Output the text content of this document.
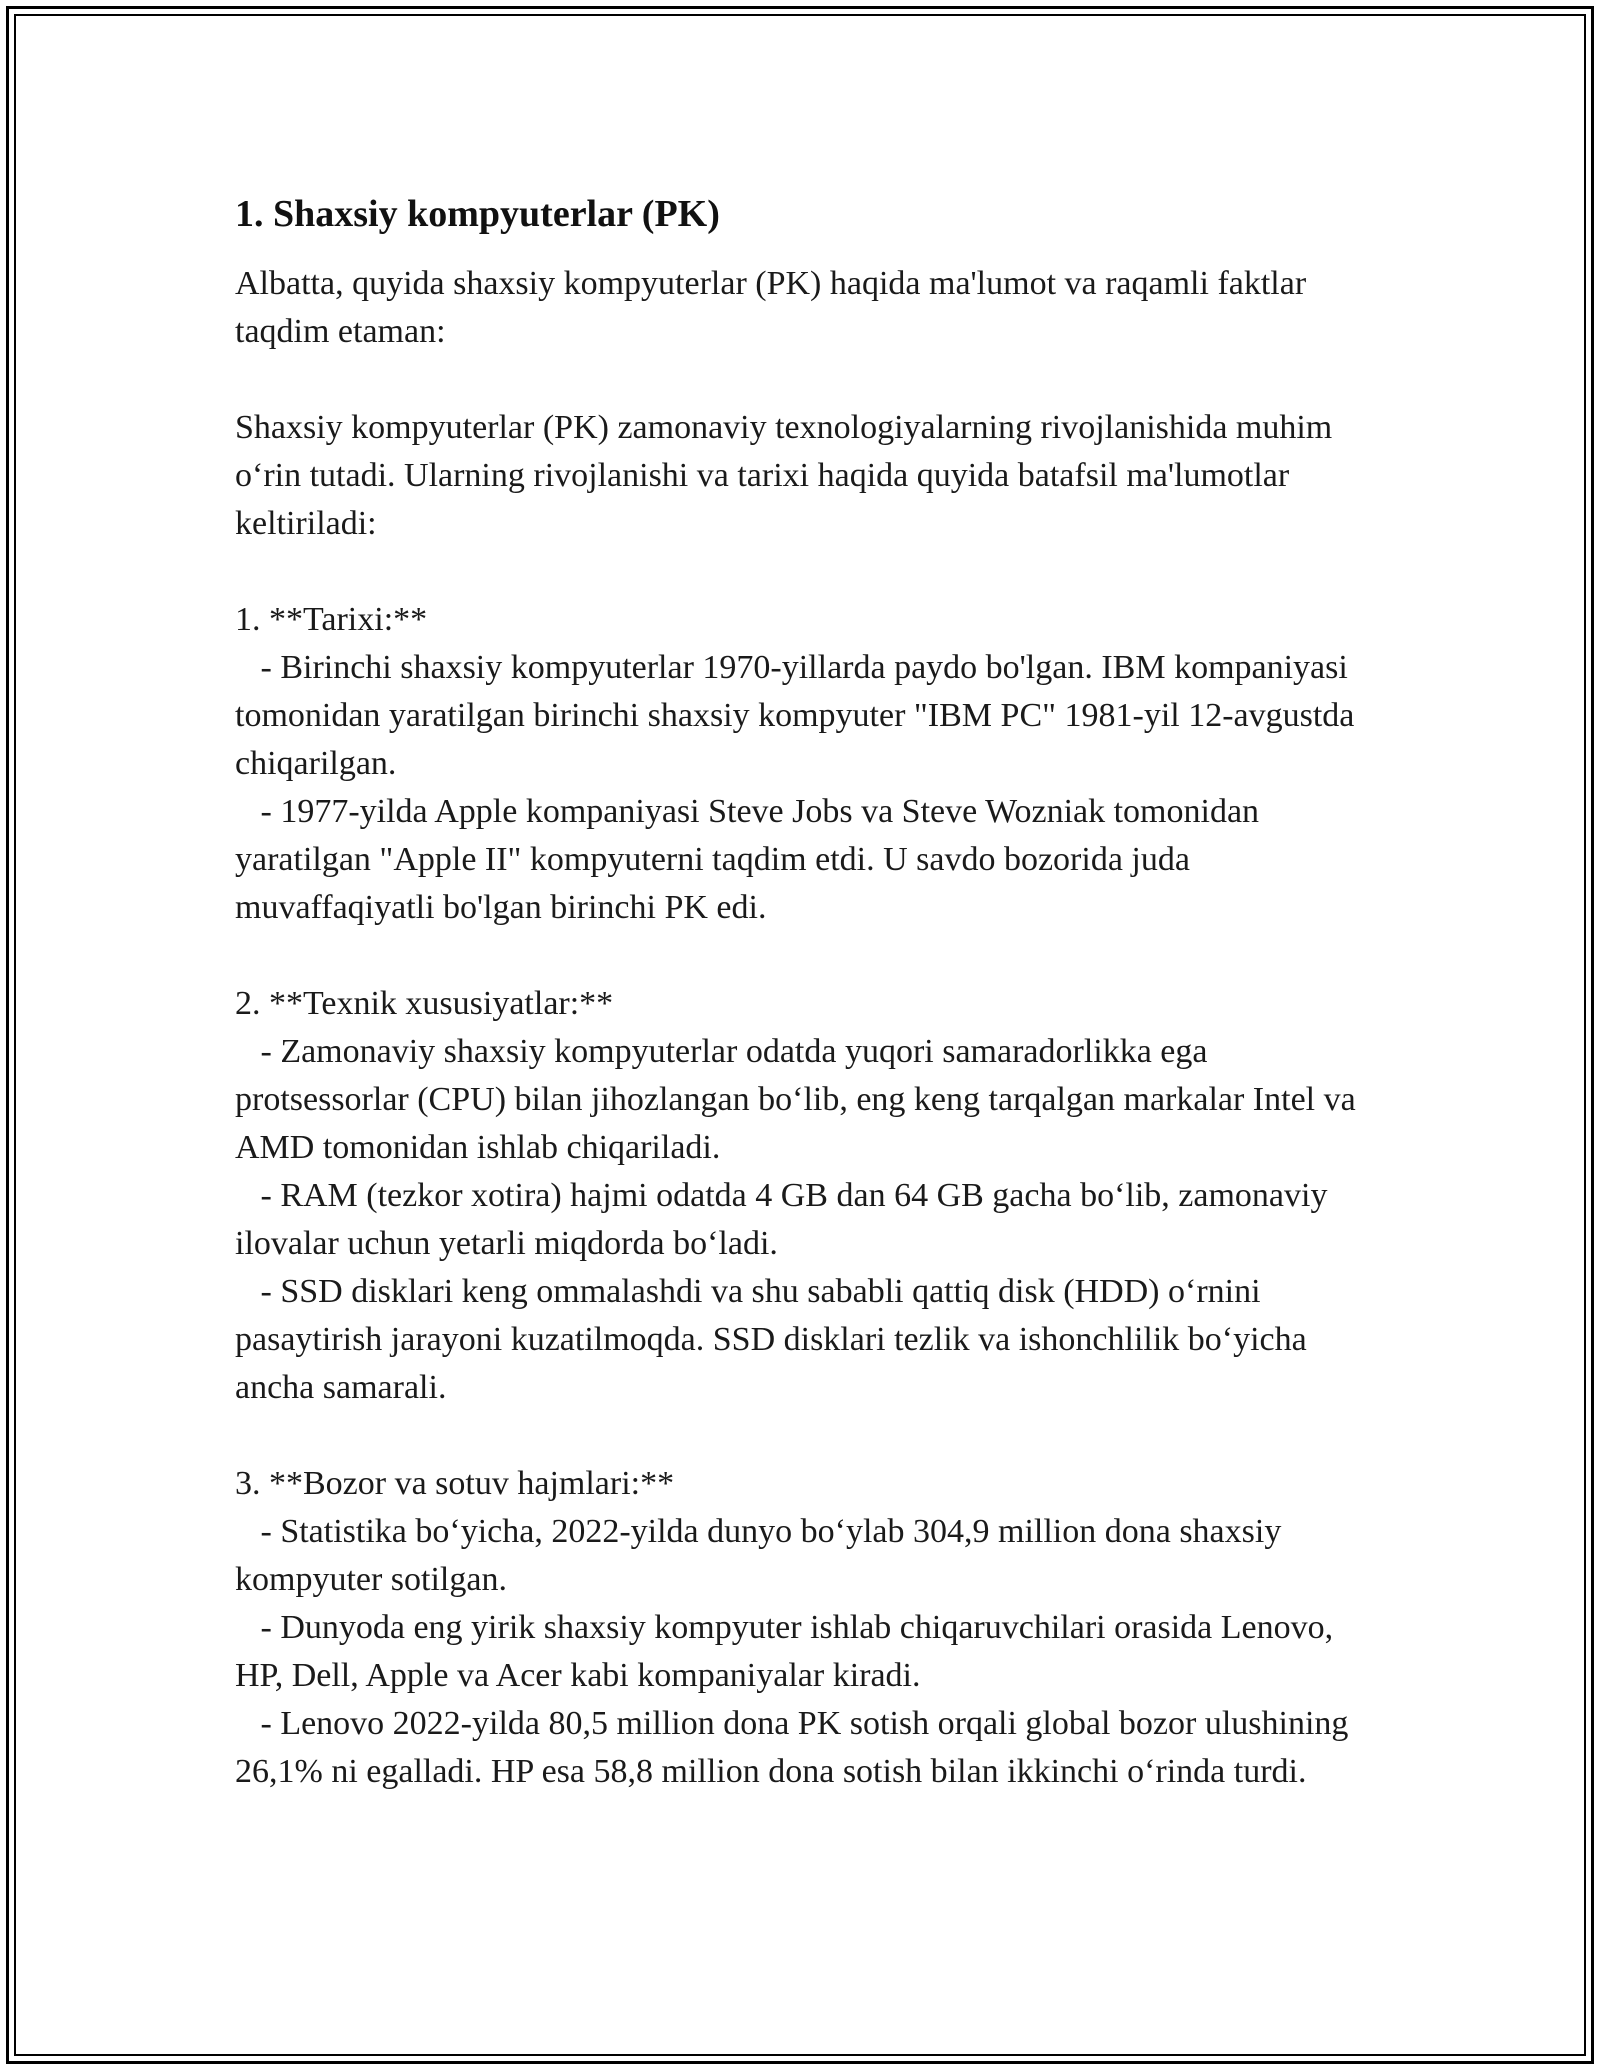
1. Shaxsiy kompyuterlar (PK)

Albatta, quyida shaxsiy kompyuterlar (PK) haqida ma'lumot va raqamli faktlar taqdim etaman:

Shaxsiy kompyuterlar (PK) zamonaviy texnologiyalarning rivojlanishida muhim o‘rin tutadi. Ularning rivojlanishi va tarixi haqida quyida batafsil ma'lumotlar keltiriladi:

1. **Tarixi:**

- Birinchi shaxsiy kompyuterlar 1970-yillarda paydo bo'lgan. IBM kompaniyasi tomonidan yaratilgan birinchi shaxsiy kompyuter "IBM PC" 1981-yil 12-avgustda chiqarilgan.

- 1977-yilda Apple kompaniyasi Steve Jobs va Steve Wozniak tomonidan yaratilgan "Apple II" kompyuterni taqdim etdi. U savdo bozorida juda muvaffaqiyatli bo'lgan birinchi PK edi.

2. **Texnik xususiyatlar:**

- Zamonaviy shaxsiy kompyuterlar odatda yuqori samaradorlikka ega protsessorlar (CPU) bilan jihozlangan bo‘lib, eng keng tarqalgan markalar Intel va AMD tomonidan ishlab chiqariladi.

- RAM (tezkor xotira) hajmi odatda 4 GB dan 64 GB gacha bo‘lib, zamonaviy ilovalar uchun yetarli miqdorda bo‘ladi.

- SSD disklari keng ommalashdi va shu sababli qattiq disk (HDD) o‘rnini pasaytirish jarayoni kuzatilmoqda. SSD disklari tezlik va ishonchlilik bo‘yicha ancha samarali.

3. **Bozor va sotuv hajmlari:**

- Statistika bo‘yicha, 2022-yilda dunyo bo‘ylab 304,9 million dona shaxsiy kompyuter sotilgan.

- Dunyoda eng yirik shaxsiy kompyuter ishlab chiqaruvchilari orasida Lenovo, HP, Dell, Apple va Acer kabi kompaniyalar kiradi.

- Lenovo 2022-yilda 80,5 million dona PK sotish orqali global bozor ulushining 26,1% ni egalladi. HP esa 58,8 million dona sotish bilan ikkinchi o‘rinda turdi.
